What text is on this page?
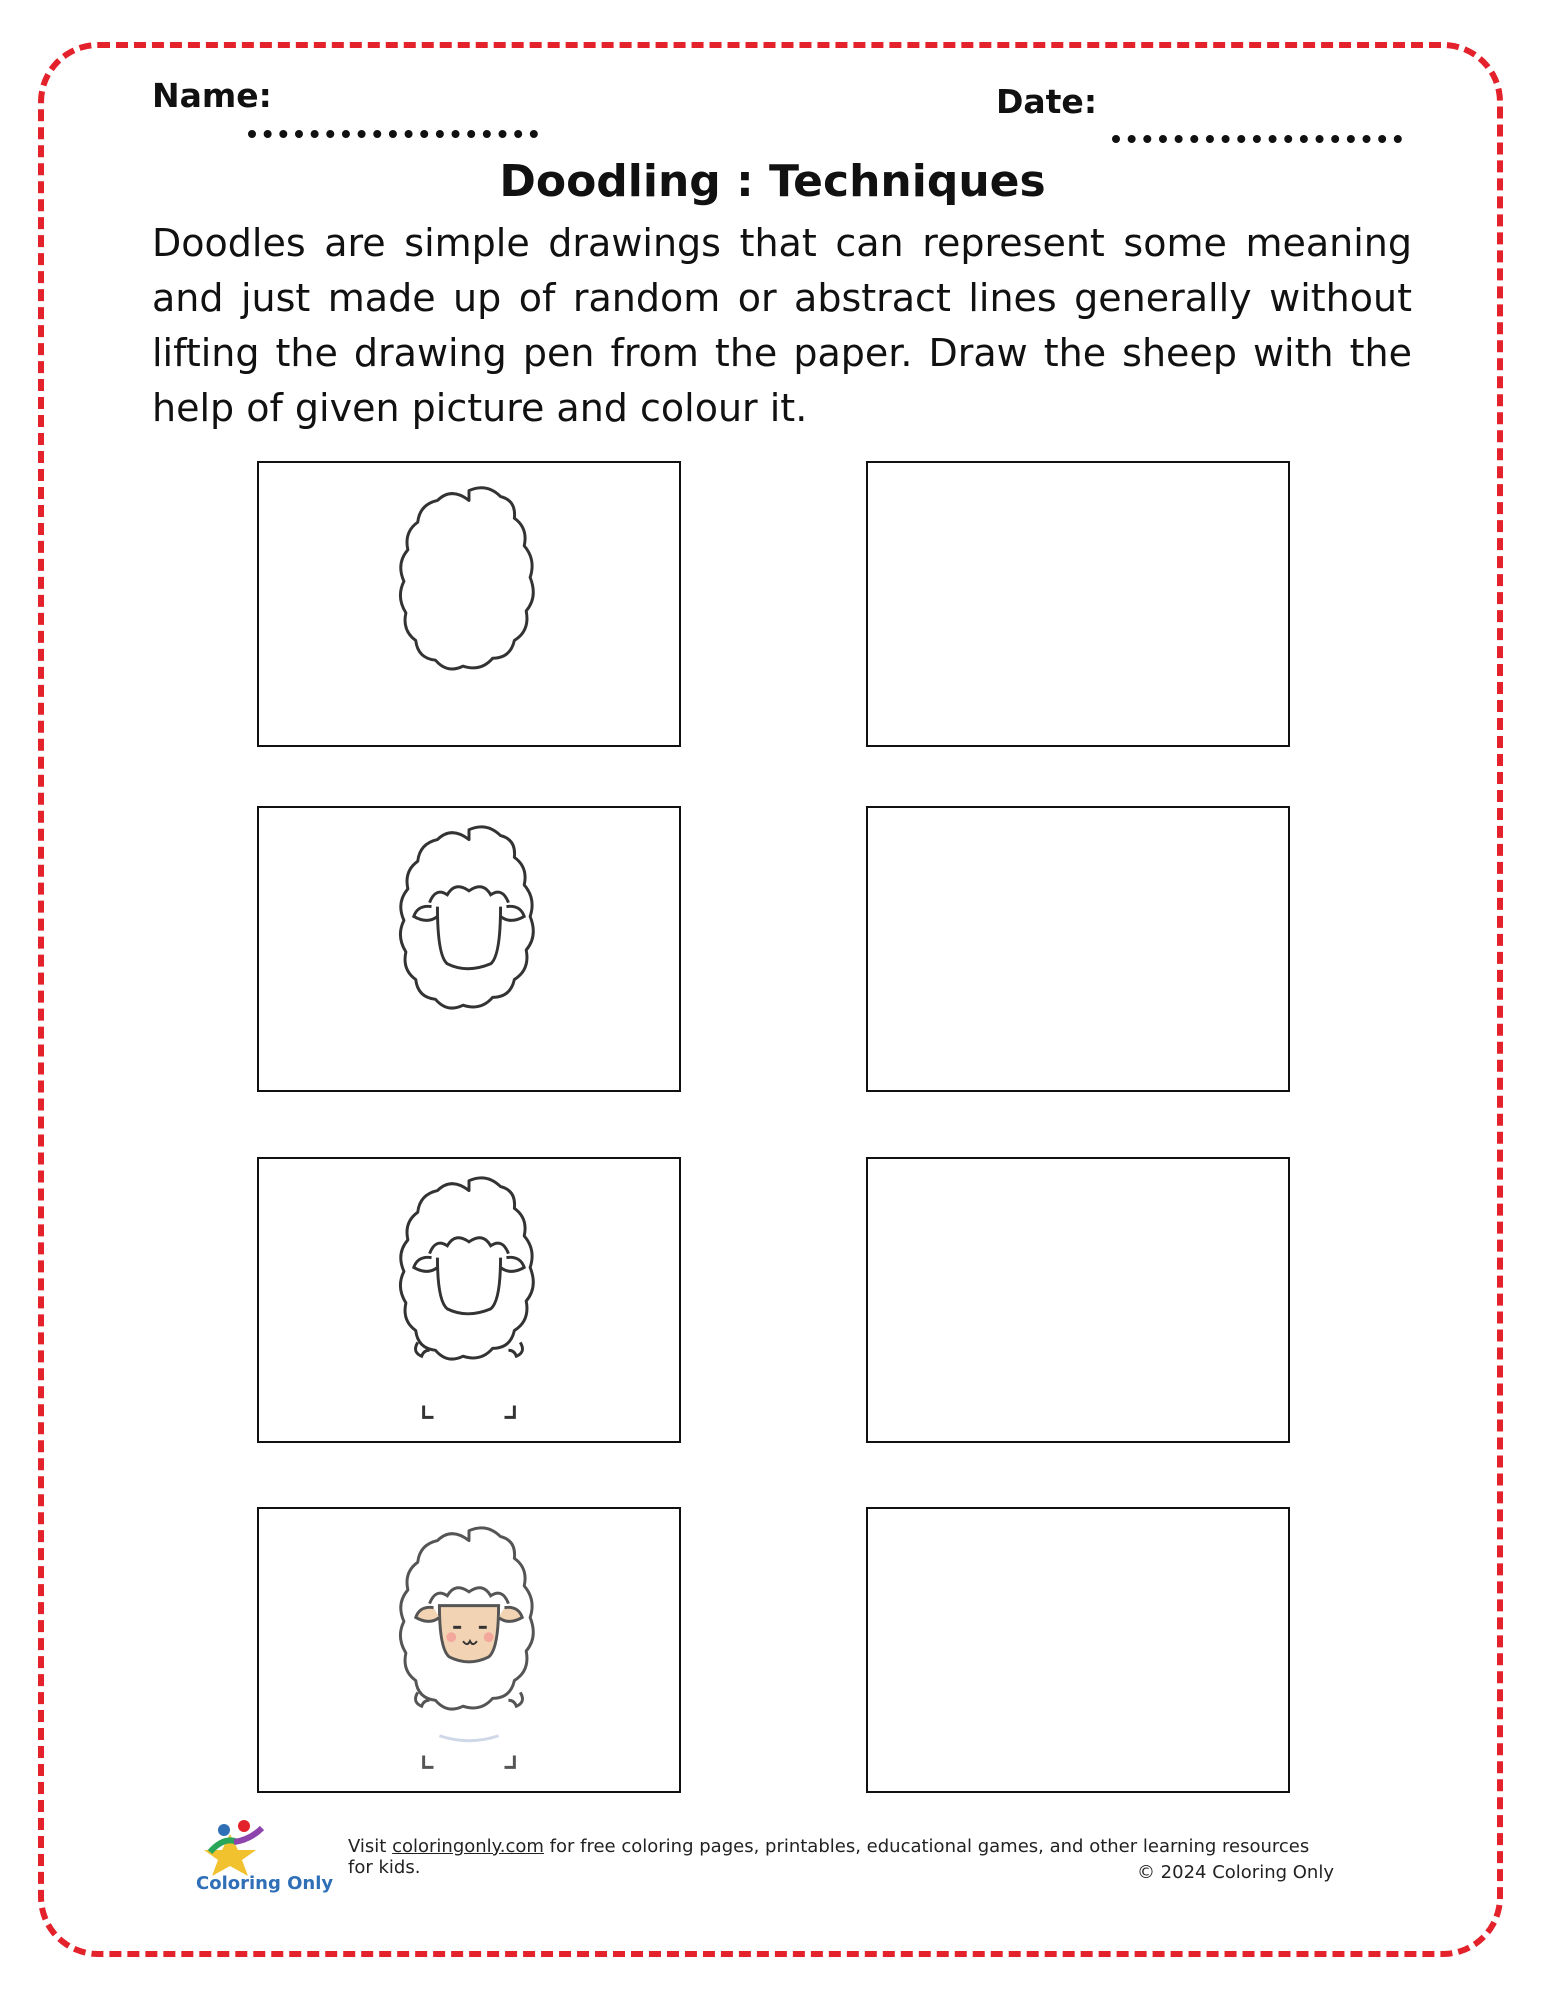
Name:	Date:
Doodling : Techniques
Doodles are simple drawings that can represent some meaning and just made up of random or abstract lines generally without lifting the drawing pen from the paper. Draw the sheep with the help of given picture and colour it.
Coloring Only
Visit coloringonly.com for free coloring pages, printables, educational games, and other learning resources for kids.	© 2024 Coloring Only
